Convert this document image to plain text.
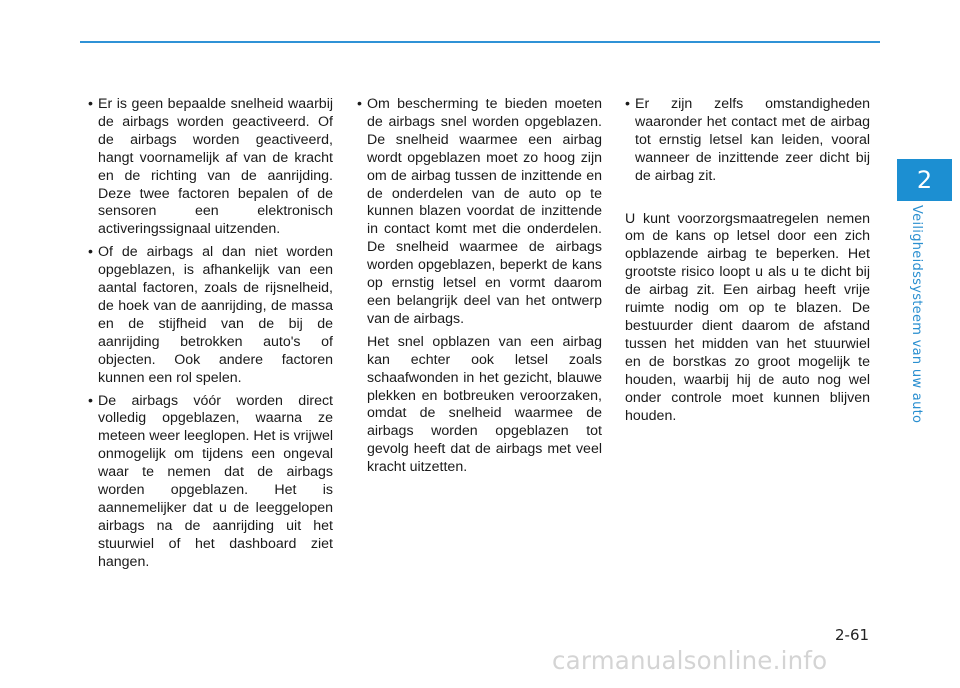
• Er is geen bepaalde snelheid waarbij de airbags worden geactiveerd. Of de airbags worden geactiveerd, hangt voornamelijk af van de kracht en de richting van de aanrijding. Deze twee factoren bepalen of de sensoren een elektronisch activeringssignaal uitzenden.

• Of de airbags al dan niet worden opgeblazen, is afhankelijk van een aantal factoren, zoals de rijsnelheid, de hoek van de aanrijding, de massa en de stijfheid van de bij de aanrijding betrokken auto's of objecten. Ook andere factoren kunnen een rol spelen.

• De airbags vóór worden direct volledig opgeblazen, waarna ze meteen weer leeglopen. Het is vrijwel onmogelijk om tijdens een ongeval waar te nemen dat de airbags worden opgeblazen. Het is aannemelijker dat u de leeggelopen airbags na de aanrijding uit het stuurwiel of het dashboard ziet hangen.

• Om bescherming te bieden moeten de airbags snel worden opgeblazen. De snelheid waarmee een airbag wordt opgeblazen moet zo hoog zijn om de airbag tussen de inzittende en de onderdelen van de auto op te kunnen blazen voordat de inzittende in contact komt met die onderdelen. De snelheid waarmee de airbags worden opgeblazen, beperkt de kans op ernstig letsel en vormt daarom een belangrijk deel van het ontwerp van de airbags.

Het snel opblazen van een airbag kan echter ook letsel zoals schaafwonden in het gezicht, blauwe plekken en botbreuken veroorzaken, omdat de snelheid waarmee de airbags worden opgeblazen tot gevolg heeft dat de airbags met veel kracht uitzetten.

• Er zijn zelfs omstandigheden waaronder het contact met de airbag tot ernstig letsel kan leiden, vooral wanneer de inzittende zeer dicht bij de airbag zit.

U kunt voorzorgsmaatregelen nemen om de kans op letsel door een zich opblazende airbag te beperken. Het grootste risico loopt u als u te dicht bij de airbag zit. Een airbag heeft vrije ruimte nodig om op te blazen. De bestuurder dient daarom de afstand tussen het midden van het stuurwiel en de borstkas zo groot mogelijk te houden, waarbij hij de auto nog wel onder controle moet kunnen blijven houden.

2
Veiligheidssysteem van uw auto
2-61
carmanualsonline.info
